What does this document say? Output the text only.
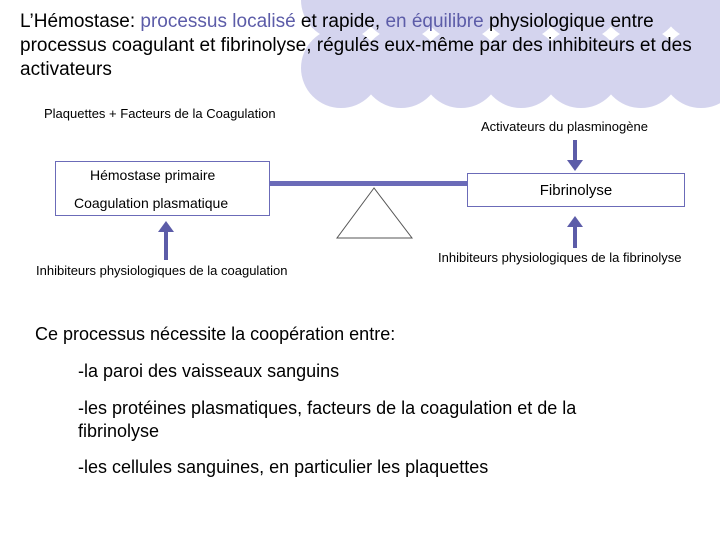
L’Hémostase: processus localisé et rapide, en équilibre physiologique entre processus coagulant et fibrinolyse, régulés eux-même par des inhibiteurs et des activateurs
Plaquettes + Facteurs de la Coagulation
Hémostase primaire
Coagulation plasmatique
Inhibiteurs physiologiques de la coagulation
Activateurs du plasminogène
Fibrinolyse
Inhibiteurs physiologiques de la fibrinolyse
Ce processus nécessite la coopération entre:
-la paroi des vaisseaux sanguins
-les protéines plasmatiques, facteurs de la coagulation et de la fibrinolyse
-les cellules sanguines, en particulier les plaquettes
